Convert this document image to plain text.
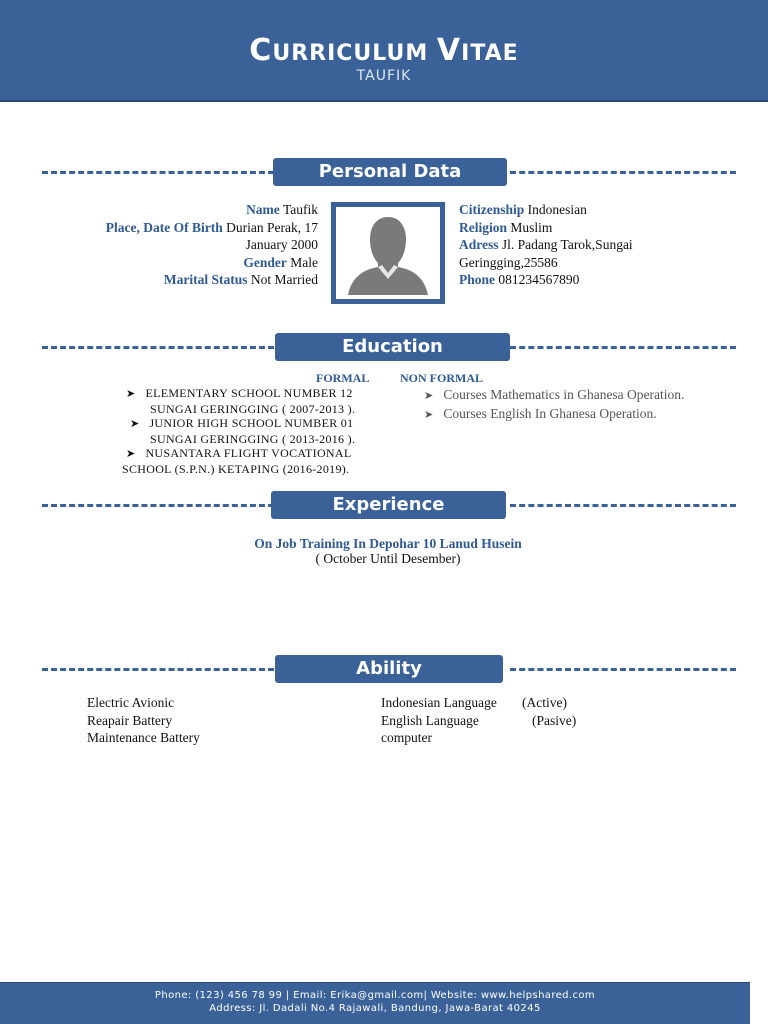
CURRICULUM VITAE
TAUFIK
Personal Data
Name Taufik
Place, Date Of Birth Durian Perak, 17
January 2000
Gender Male
Marital Status Not Married
Citizenship Indonesian
Religion Muslim
Adress Jl. Padang Tarok,Sungai
Geringging,25586
Phone 081234567890
Education
FORMAL	NON FORMAL
➤ ELEMENTARY SCHOOL NUMBER 12
SUNGAI GERINGGING ( 2007-2013 ).
➤ JUNIOR HIGH SCHOOL NUMBER 01
SUNGAI GERINGGING ( 2013-2016 ).
➤ NUSANTARA FLIGHT VOCATIONAL
SCHOOL (S.P.N.) KETAPING (2016-2019).
➤ Courses Mathematics in Ghanesa Operation.
➤ Courses English In Ghanesa Operation.
Experience
On Job Training In Depohar 10 Lanud Husein
( October Until Desember)
Ability
Electric Avionic
Reapair Battery
Maintenance Battery
Indonesian Language	(Active)
English Language	(Pasive)
computer
Phone: (123) 456 78 99 | Email: Erika@gmail.com| Website: www.helpshared.com
Address: Jl. Dadali No.4 Rajawali, Bandung, Jawa-Barat 40245
